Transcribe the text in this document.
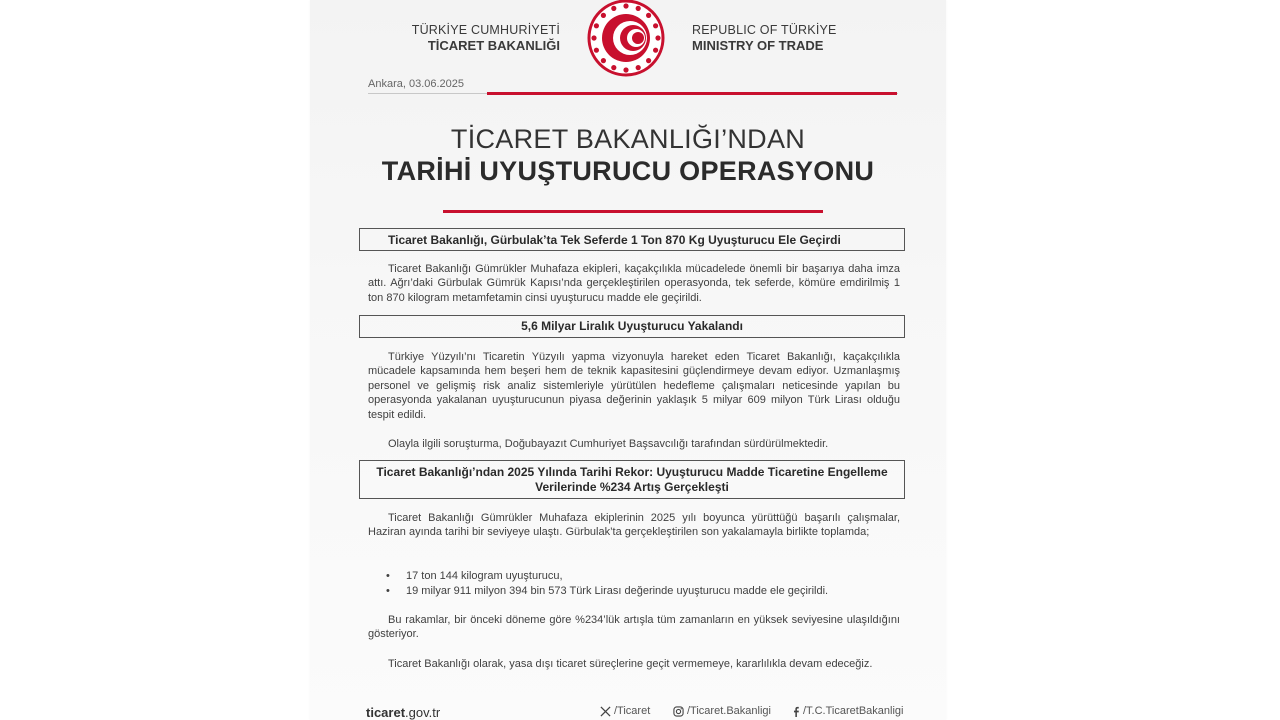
TÜRKİYE CUMHURİYETİ
TİCARET BAKANLIĞI
REPUBLIC OF TÜRKİYE
MINISTRY OF TRADE
Ankara, 03.06.2025
TİCARET BAKANLIĞI’NDAN
TARİHİ UYUŞTURUCU OPERASYONU
Ticaret Bakanlığı, Gürbulak’ta Tek Seferde 1 Ton 870 Kg Uyuşturucu Ele Geçirdi

Ticaret Bakanlığı Gümrükler Muhafaza ekipleri, kaçakçılıkla mücadelede önemli bir başarıya daha imza attı. Ağrı’daki Gürbulak Gümrük Kapısı’nda gerçekleştirilen operasyonda, tek seferde, kömüre emdirilmiş 1 ton 870 kilogram metamfetamin cinsi uyuşturucu madde ele geçirildi.

5,6 Milyar Liralık Uyuşturucu Yakalandı

Türkiye Yüzyılı’nı Ticaretin Yüzyılı yapma vizyonuyla hareket eden Ticaret Bakanlığı, kaçakçılıkla mücadele kapsamında hem beşeri hem de teknik kapasitesini güçlendirmeye devam ediyor. Uzmanlaşmış personel ve gelişmiş risk analiz sistemleriyle yürütülen hedefleme çalışmaları neticesinde yapılan bu operasyonda yakalanan uyuşturucunun piyasa değerinin yaklaşık 5 milyar 609 milyon Türk Lirası olduğu tespit edildi.

Olayla ilgili soruşturma, Doğubayazıt Cumhuriyet Başsavcılığı tarafından sürdürülmektedir.

Ticaret Bakanlığı’ndan 2025 Yılında Tarihi Rekor: Uyuşturucu Madde Ticaretine Engelleme
Verilerinde %234 Artış Gerçekleşti

Ticaret Bakanlığı Gümrükler Muhafaza ekiplerinin 2025 yılı boyunca yürüttüğü başarılı çalışmalar, Haziran ayında tarihi bir seviyeye ulaştı. Gürbulak’ta gerçekleştirilen son yakalamayla birlikte toplamda;

• 17 ton 144 kilogram uyuşturucu,
• 19 milyar 911 milyon 394 bin 573 Türk Lirası değerinde uyuşturucu madde ele geçirildi.

Bu rakamlar, bir önceki döneme göre %234’lük artışla tüm zamanların en yüksek seviyesine ulaşıldığını gösteriyor.

Ticaret Bakanlığı olarak, yasa dışı ticaret süreçlerine geçit vermemeye, kararlılıkla devam edeceğiz.

ticaret.gov.tr	/Ticaret	/Ticaret.Bakanligi	/T.C.TicaretBakanligi
